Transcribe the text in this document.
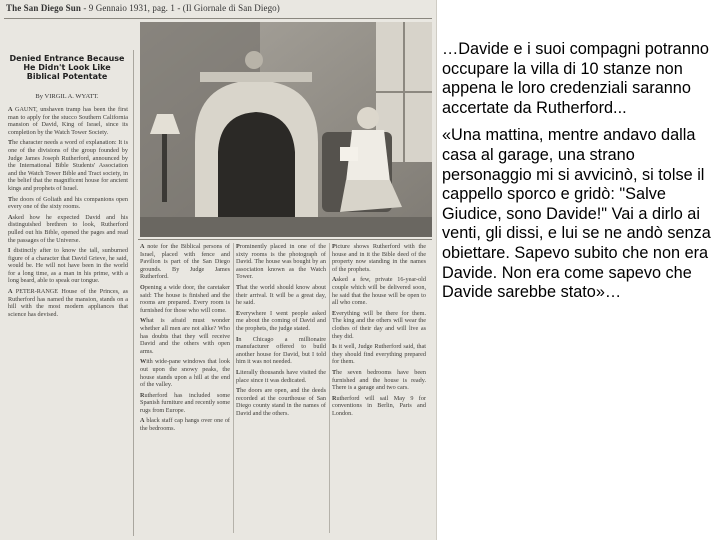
The San Diego Sun - 9 Gennaio 1931, pag. 1 - (Il Giornale di San Diego)
Denied Entrance Because He Didn't Look Like Biblical Potentate
By VIRGIL A. WYATT.

A GAUNT, unshaven tramp has been the first man to apply for the stucco Southern California mansion of David, King of Israel, since its completion by the Watch Tower Society.

The character needs a word of explanation: It is one of the divisions of the group founded by Judge James Joseph Rutherford, announced by the International Bible Students' Association and the Watch Tower Bible and Tract society, in the belief that the magnificent house for ancient kings and prophets of Israel.

The doors of Goliath and his companions open every one of the sixty rooms.

Asked how he expected David and his distinguished brethren to look, Rutherford pulled out his Bible, opened the pages and read the passages of the Universe.

I distinctly after to know the tall, sunburned figure of a character that David Grieve, he said, would be. He will not have been in the world for a long time, as a man in his prime, with a long beard, able to speak our tongue.

A PETER-RANGE House of the Princes, as Rutherford has named the mansion, stands on a hill with the most modern appliances that science has devised.

A note for the Biblical persons of Israel, placed with fence and Pavilion is part of the San Diego grounds. By Judge James Rutherford.

Opening a wide door, the caretaker said: The house is finished and the rooms are prepared. Every room is furnished for those who will come.

What is afraid must wonder whether all men are not alike? Who has doubts that they will receive David and the others with open arms.

With wide-pane windows that look out upon the snowy peaks, the house stands upon a hill at the end of the valley.

Rutherford has included some Spanish furniture and recently some rugs from Europe.

A black staff cap hangs over one of the bedrooms.

Prominently placed in one of the sixty rooms is the photograph of David. The house was bought by an association known as the Watch Tower.

That the world should know about their arrival. It will be a great day, he said.

Everywhere I went people asked me about the coming of David and the prophets, the judge stated.

In Chicago a millionaire manufacturer offered to build another house for David, but I told him it was not needed.

Literally thousands have visited the place since it was dedicated.

The doors are open, and the deeds recorded at the courthouse of San Diego county stand in the names of David and the others.

Picture shows Rutherford with the house and in it the Bible deed of the property now standing in the names of the prophets.

Asked a few, private 16-year-old couple which will be delivered soon, he said that the house will be open to all who come.

Everything will be there for them. The king and the others will wear the clothes of their day and will live as they did.

Is it well, Judge Rutherford said, that they should find everything prepared for them.

The seven bedrooms have been furnished and the house is ready. There is a garage and two cars.

Rutherford will sail May 9 for conventions in Berlin, Paris and London.

…Davide e i suoi compagni potranno occupare la villa di 10 stanze non appena le loro credenziali saranno accertate da Rutherford...

«Una mattina, mentre andavo dalla casa al garage, una strano personaggio mi si avvicinò, si tolse il cappello sporco e gridò: "Salve Giudice, sono Davide!" Vai a dirlo ai venti, gli dissi, e lui se ne andò senza obiettare. Sapevo subito che non era Davide. Non era come sapevo che Davide sarebbe stato»…
